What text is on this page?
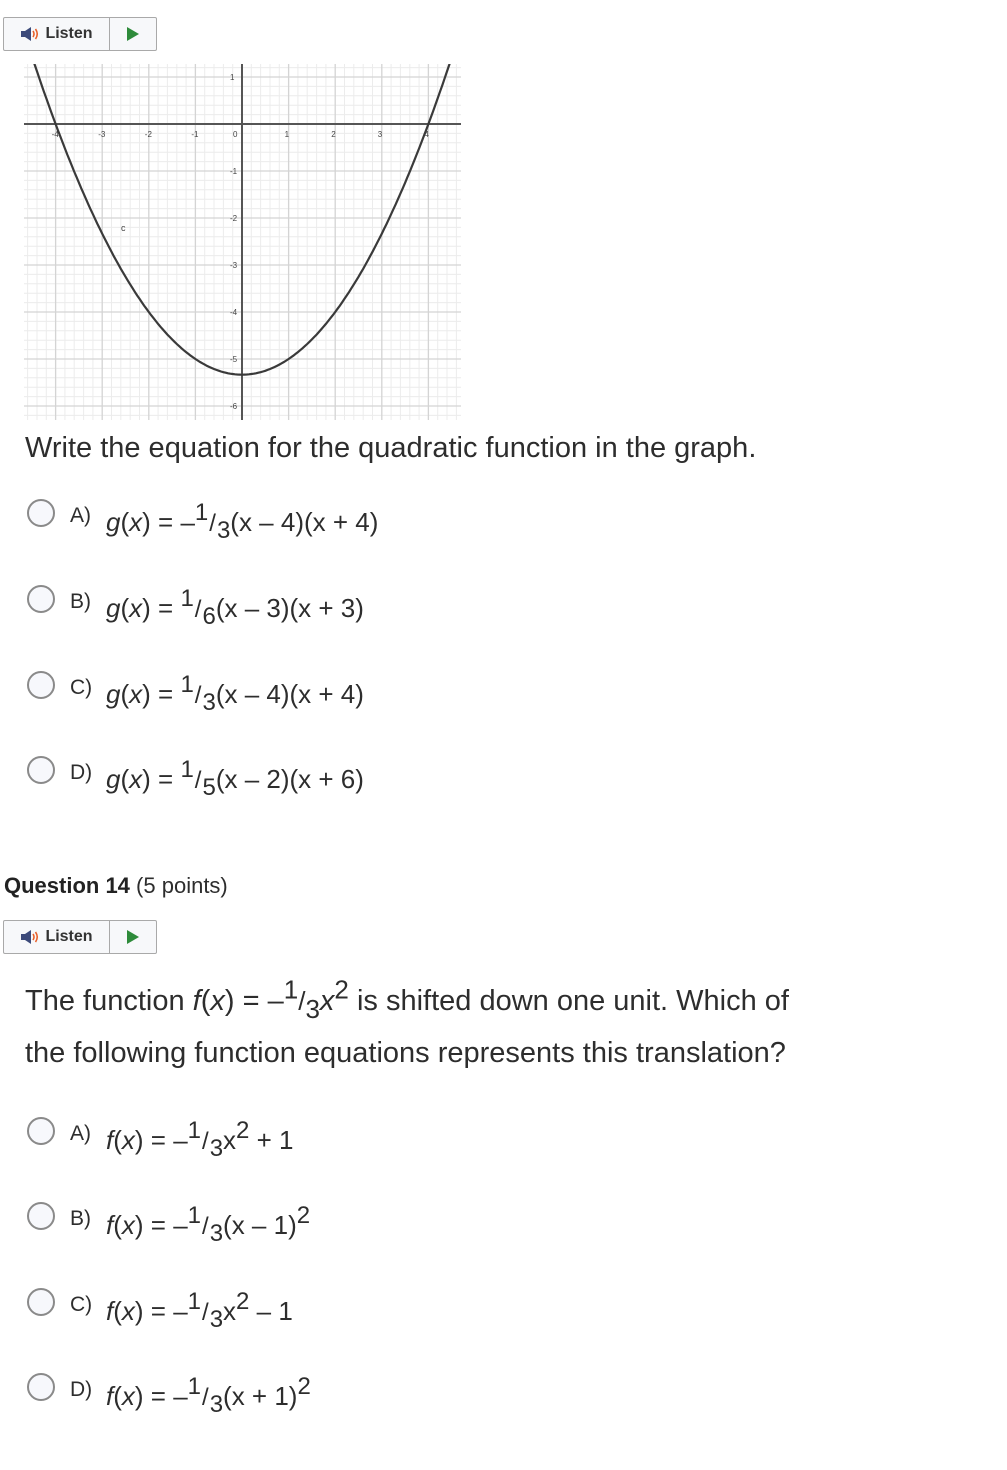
Listen
-4	-3	-2	-1	0	1	2	3	4
1
-1
-2
-3
-4
-5
-6
c
Write the equation for the quadratic function in the graph.
A) $g(x) = -^1/_3(x - 4)(x + 4)$
B) $g(x) = ^1/_6(x - 3)(x + 3)$
C) $g(x) = ^1/_3(x - 4)(x + 4)$
D) $g(x) = ^1/_5(x - 2)(x + 6)$
Question 14 (5 points)
Listen
The function $f(x) = -^1/_3x^2$ is shifted down one unit. Which of
the following function equations represents this translation?
A) $f(x) = -^1/_3x^2 + 1$
B) $f(x) = -^1/_3(x - 1)^2$
C) $f(x) = -^1/_3x^2 - 1$
D) $f(x) = -^1/_3(x + 1)^2$
